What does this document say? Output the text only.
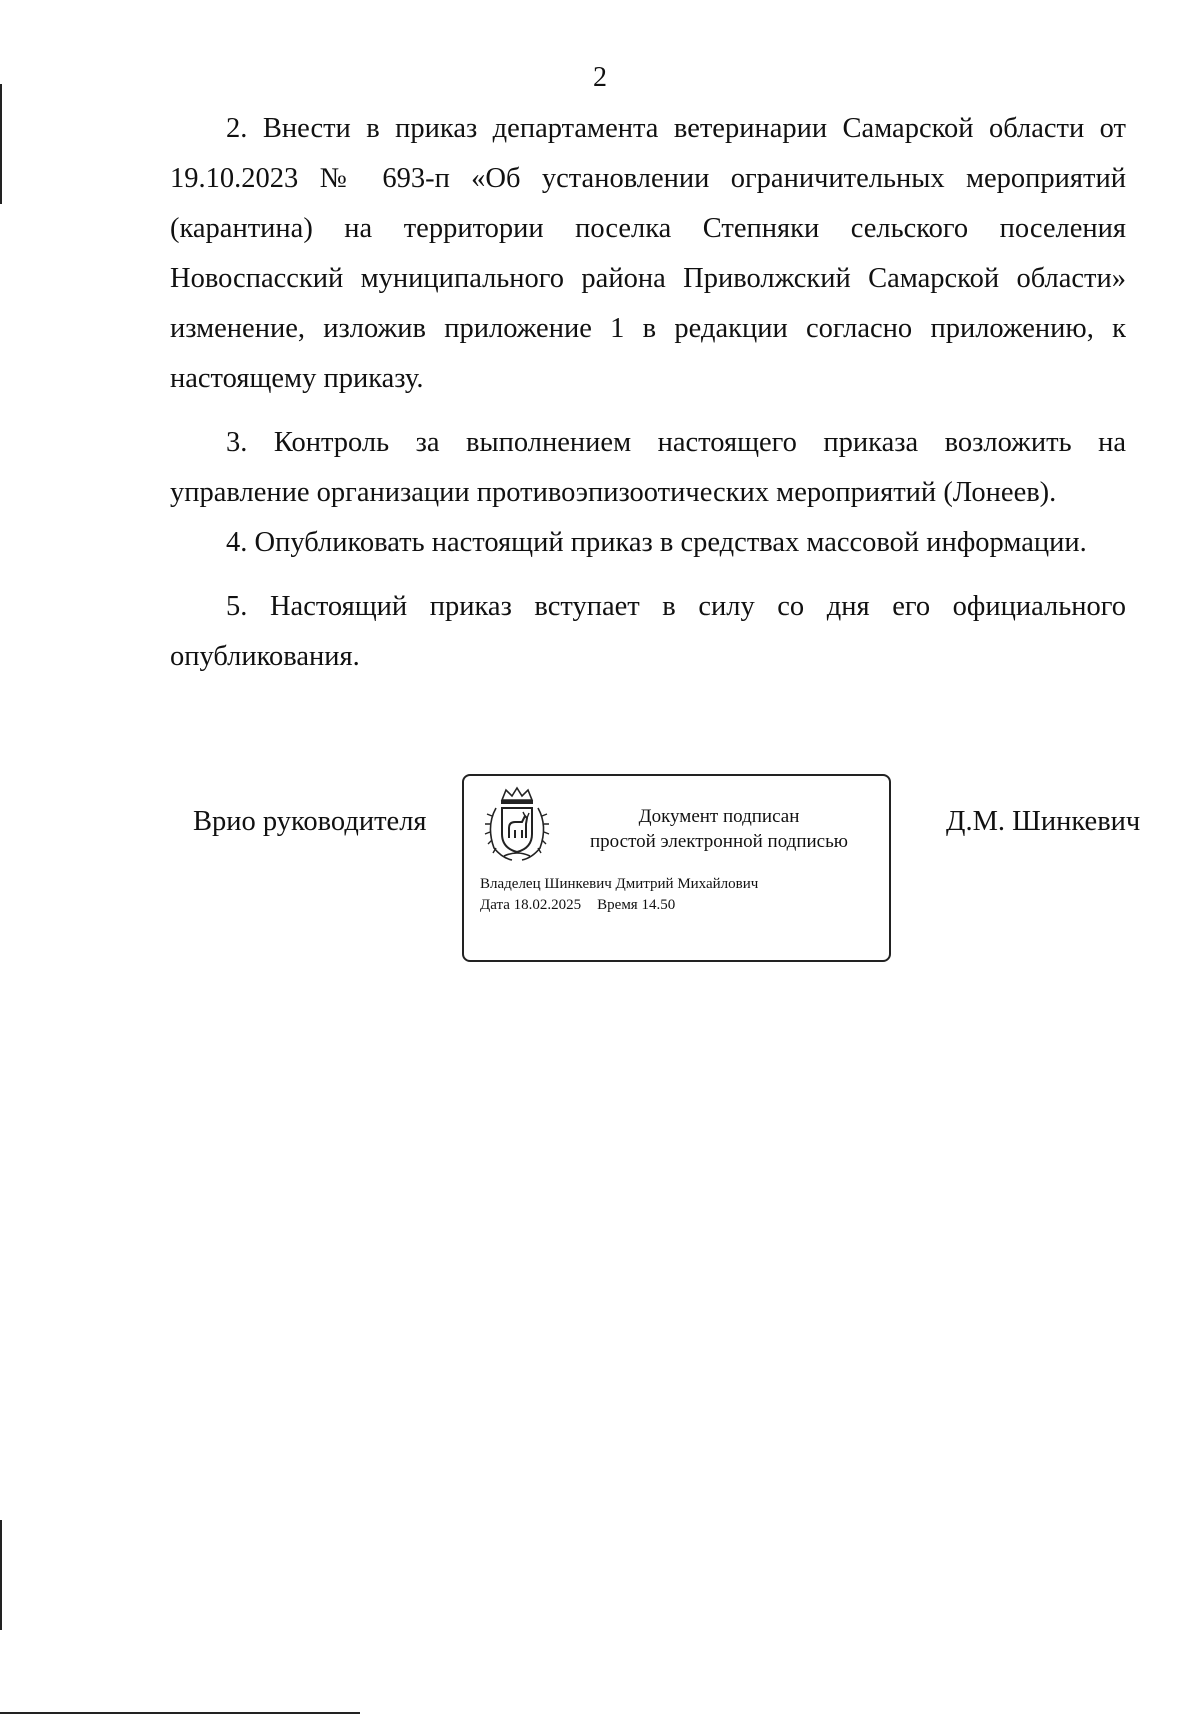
2

2. Внести в приказ департамента ветеринарии Самарской области от 19.10.2023 № 693-п «Об установлении ограничительных мероприятий (карантина) на территории поселка Степняки сельского поселения Новоспасский муниципального района Приволжский Самарской области» изменение, изложив приложение 1 в редакции согласно приложению, к настоящему приказу.

3. Контроль за выполнением настоящего приказа возложить на управление организации противоэпизоотических мероприятий (Лонеев).

4. Опубликовать настоящий приказ в средствах массовой информации.

5. Настоящий приказ вступает в силу со дня его официального опубликования.

Врио руководителя	Документ подписан
простой электронной подписью
Владелец Шинкевич Дмитрий Михайлович
Дата 18.02.2025 Время 14.50
Д.М. Шинкевич
